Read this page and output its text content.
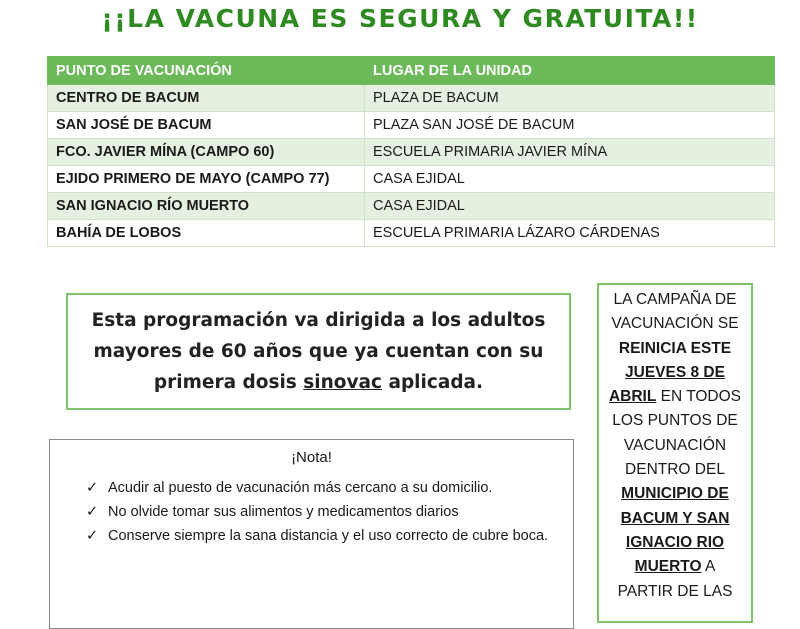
¡¡LA VACUNA ES SEGURA Y GRATUITA!!
PUNTO DE VACUNACIÓN	LUGAR DE LA UNIDAD
CENTRO DE BACUM	PLAZA DE BACUM
SAN JOSÉ DE BACUM	PLAZA SAN JOSÉ DE BACUM
FCO. JAVIER MÍNA (CAMPO 60)	ESCUELA PRIMARIA JAVIER MÍNA
EJIDO PRIMERO DE MAYO (CAMPO 77)	CASA EJIDAL
SAN IGNACIO RÍO MUERTO	CASA EJIDAL
BAHÍA DE LOBOS	ESCUELA PRIMARIA LÁZARO CÁRDENAS

Esta programación va dirigida a los adultos
mayores de 60 años que ya cuentan con su
primera dosis sinovac aplicada.

¡Nota!
✓ Acudir al puesto de vacunación más cercano a su domicilio.
✓ No olvide tomar sus alimentos y medicamentos diarios
✓ Conserve siempre la sana distancia y el uso correcto de cubre boca.
LA CAMPAÑA DE
VACUNACIÓN SE
REINICIA ESTE
JUEVES 8 DE
ABRIL EN TODOS
LOS PUNTOS DE
VACUNACIÓN
DENTRO DEL
MUNICIPIO DE
BACUM Y SAN
IGNACIO RIO
MUERTO A
PARTIR DE LAS
